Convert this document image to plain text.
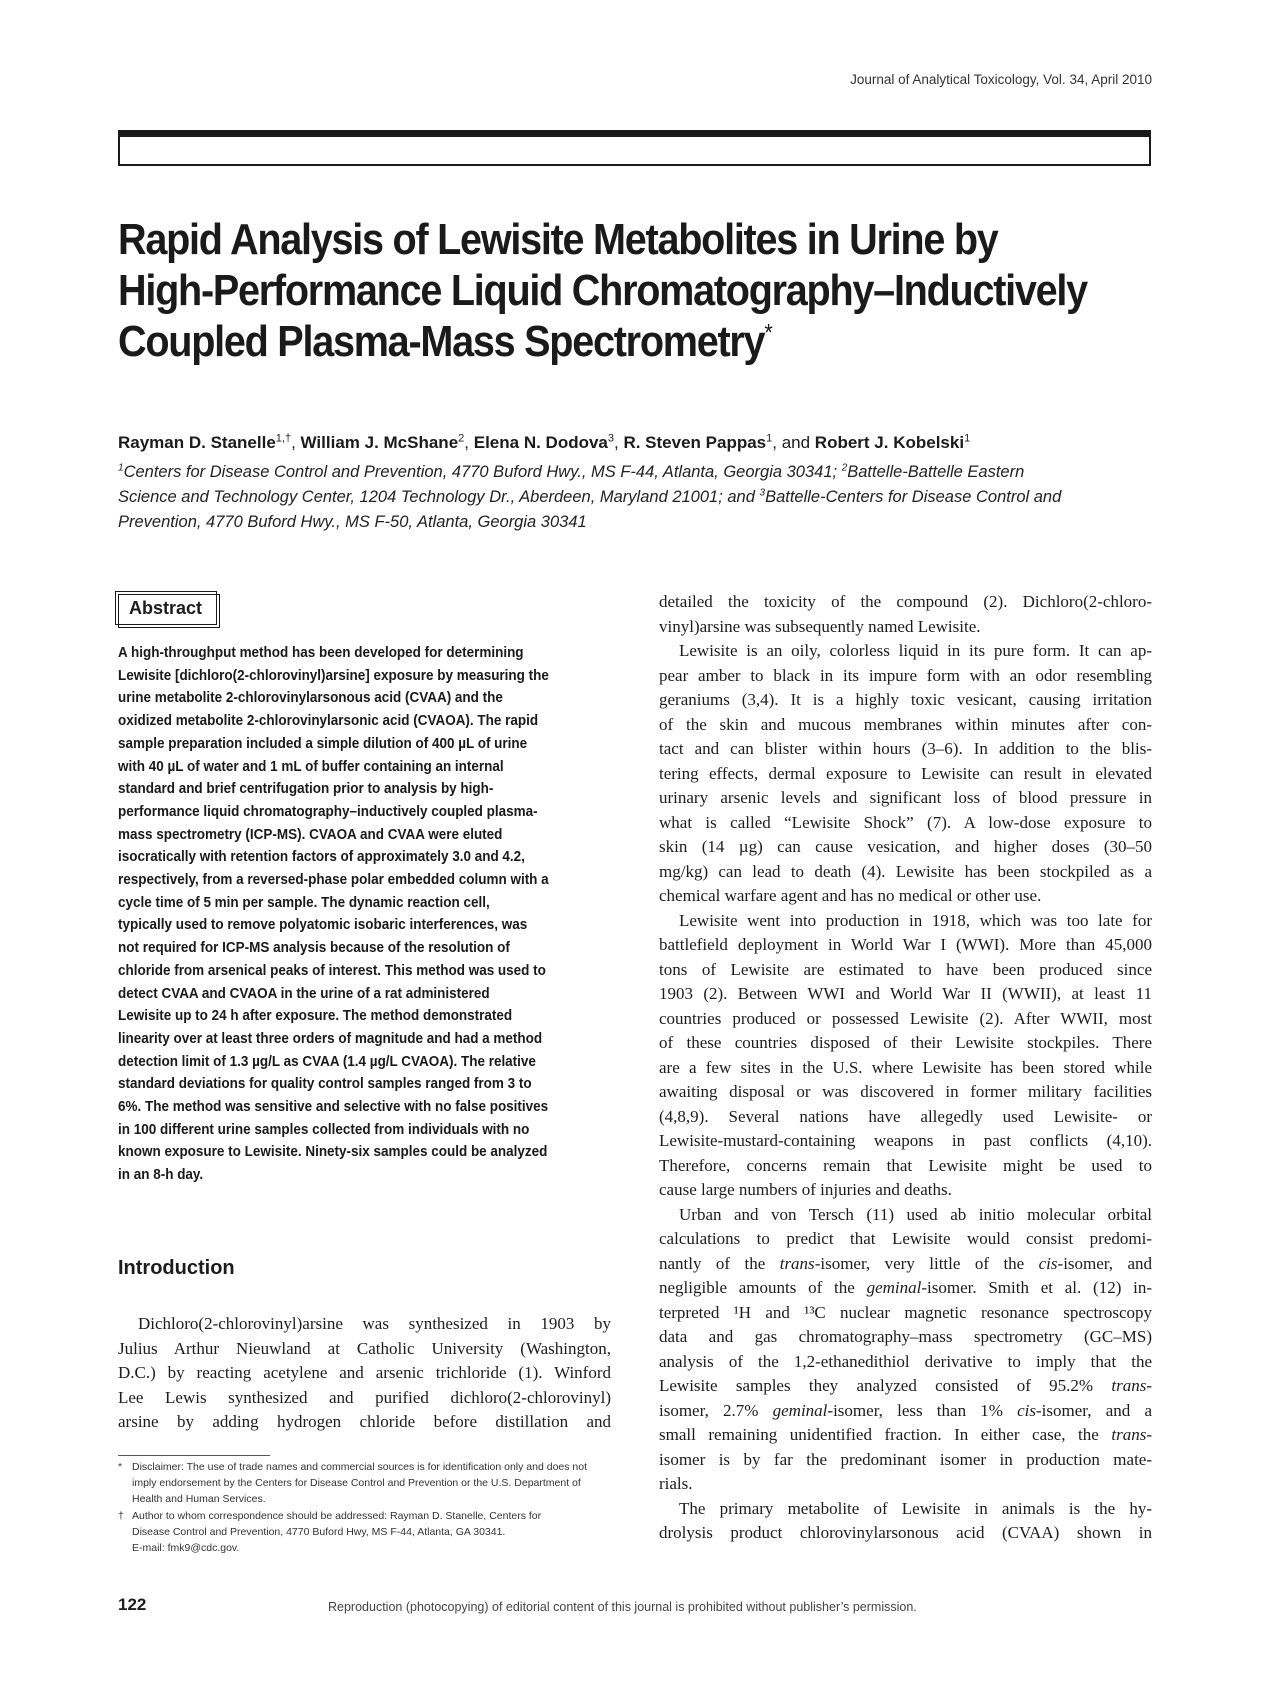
Journal of Analytical Toxicology, Vol. 34, April 2010
Rapid Analysis of Lewisite Metabolites in Urine by
High-Performance Liquid Chromatography–Inductively
Coupled Plasma-Mass Spectrometry*
Rayman D. Stanelle$^{1,\dagger}$, William J. McShane$^2$, Elena N. Dodova$^3$, R. Steven Pappas$^1$, and Robert J. Kobelski$^1$
$^1$Centers for Disease Control and Prevention, 4770 Buford Hwy., MS F-44, Atlanta, Georgia 30341; $^2$Battelle-Battelle Eastern
Science and Technology Center, 1204 Technology Dr., Aberdeen, Maryland 21001; and $^3$Battelle-Centers for Disease Control and
Prevention, 4770 Buford Hwy., MS F-50, Atlanta, Georgia 30341
Abstract
A high-throughput method has been developed for determining
Lewisite [dichloro(2-chlorovinyl)arsine] exposure by measuring the
urine metabolite 2-chlorovinylarsonous acid (CVAA) and the
oxidized metabolite 2-chlorovinylarsonic acid (CVAOA). The rapid
sample preparation included a simple dilution of 400 µL of urine
with 40 µL of water and 1 mL of buffer containing an internal
standard and brief centrifugation prior to analysis by high-
performance liquid chromatography–inductively coupled plasma-
mass spectrometry (ICP-MS). CVAOA and CVAA were eluted
isocratically with retention factors of approximately 3.0 and 4.2,
respectively, from a reversed-phase polar embedded column with a
cycle time of 5 min per sample. The dynamic reaction cell,
typically used to remove polyatomic isobaric interferences, was
not required for ICP-MS analysis because of the resolution of
chloride from arsenical peaks of interest. This method was used to
detect CVAA and CVAOA in the urine of a rat administered
Lewisite up to 24 h after exposure. The method demonstrated
linearity over at least three orders of magnitude and had a method
detection limit of 1.3 µg/L as CVAA (1.4 µg/L CVAOA). The relative
standard deviations for quality control samples ranged from 3 to
6%. The method was sensitive and selective with no false positives
in 100 different urine samples collected from individuals with no
known exposure to Lewisite. Ninety-six samples could be analyzed
in an 8-h day.
Introduction
Dichloro(2-chlorovinyl)arsine was synthesized in 1903 by
Julius Arthur Nieuwland at Catholic University (Washington,
D.C.) by reacting acetylene and arsenic trichloride (1). Winford
Lee Lewis synthesized and purified dichloro(2-chlorovinyl)
arsine by adding hydrogen chloride before distillation and
* Disclaimer: The use of trade names and commercial sources is for identification only and does not
imply endorsement by the Centers for Disease Control and Prevention or the U.S. Department of
Health and Human Services.
† Author to whom correspondence should be addressed: Rayman D. Stanelle, Centers for
Disease Control and Prevention, 4770 Buford Hwy, MS F-44, Atlanta, GA 30341.
E-mail: fmk9@cdc.gov.

detailed the toxicity of the compound (2). Dichloro(2-chloro-
vinyl)arsine was subsequently named Lewisite.

Lewisite is an oily, colorless liquid in its pure form. It can ap-
pear amber to black in its impure form with an odor resembling
geraniums (3,4). It is a highly toxic vesicant, causing irritation
of the skin and mucous membranes within minutes after con-
tact and can blister within hours (3–6). In addition to the blis-
tering effects, dermal exposure to Lewisite can result in elevated
urinary arsenic levels and significant loss of blood pressure in
what is called “Lewisite Shock” (7). A low-dose exposure to
skin (14 µg) can cause vesication, and higher doses (30–50
mg/kg) can lead to death (4). Lewisite has been stockpiled as a
chemical warfare agent and has no medical or other use.

Lewisite went into production in 1918, which was too late for
battlefield deployment in World War I (WWI). More than 45,000
tons of Lewisite are estimated to have been produced since
1903 (2). Between WWI and World War II (WWII), at least 11
countries produced or possessed Lewisite (2). After WWII, most
of these countries disposed of their Lewisite stockpiles. There
are a few sites in the U.S. where Lewisite has been stored while
awaiting disposal or was discovered in former military facilities
(4,8,9). Several nations have allegedly used Lewisite- or
Lewisite-mustard-containing weapons in past conflicts (4,10).
Therefore, concerns remain that Lewisite might be used to
cause large numbers of injuries and deaths.

Urban and von Tersch (11) used ab initio molecular orbital
calculations to predict that Lewisite would consist predomi-
nantly of the trans-isomer, very little of the cis-isomer, and
negligible amounts of the geminal-isomer. Smith et al. (12) in-
terpreted ¹H and ¹³C nuclear magnetic resonance spectroscopy
data and gas chromatography–mass spectrometry (GC–MS)
analysis of the 1,2-ethanedithiol derivative to imply that the
Lewisite samples they analyzed consisted of 95.2% trans-
isomer, 2.7% geminal-isomer, less than 1% cis-isomer, and a
small remaining unidentified fraction. In either case, the trans-
isomer is by far the predominant isomer in production mate-
rials.

The primary metabolite of Lewisite in animals is the hy-
drolysis product chlorovinylarsonous acid (CVAA) shown in

122	Reproduction (photocopying) of editorial content of this journal is prohibited without publisher’s permission.
